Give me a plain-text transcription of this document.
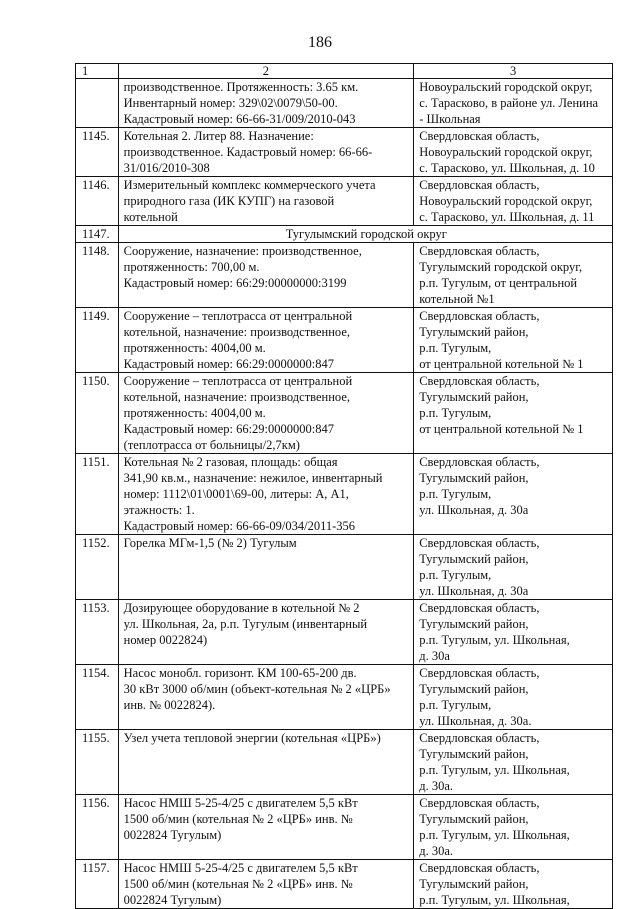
186
1	2	3
	производственное. Протяженность: 3.65 км.
Инвентарный номер: 329\02\0079\50-00.
Кадастровый номер: 66-66-31/009/2010-043	Новоуральский городской округ,
с. Тарасково, в районе ул. Ленина
- Школьная
1145.	Котельная 2. Литер 88. Назначение:
производственное. Кадастровый номер: 66-66-
31/016/2010-308	Свердловская область,
Новоуральский городской округ,
с. Тарасково, ул. Школьная, д. 10
1146.	Измерительный комплекс коммерческого учета
природного газа (ИК КУПГ) на газовой
котельной	Свердловская область,
Новоуральский городской округ,
с. Тарасково, ул. Школьная, д. 11
1147.	Тугулымский городской округ	
1148.	Сооружение, назначение: производственное,
протяженность: 700,00 м.
Кадастровый номер: 66:29:00000000:3199	Свердловская область,
Тугулымский городской округ,
р.п. Тугулым, от центральной
котельной №1
1149.	Сооружение – теплотрасса от центральной
котельной, назначение: производственное,
протяженность: 4004,00 м.
Кадастровый номер: 66:29:0000000:847	Свердловская область,
Тугулымский район,
р.п. Тугулым,
от центральной котельной № 1
1150.	Сооружение – теплотрасса от центральной
котельной, назначение: производственное,
протяженность: 4004,00 м.
Кадастровый номер: 66:29:0000000:847
(теплотрасса от больницы/2,7км)	Свердловская область,
Тугулымский район,
р.п. Тугулым,
от центральной котельной № 1
1151.	Котельная № 2 газовая, площадь: общая
341,90 кв.м., назначение: нежилое, инвентарный
номер: 1112\01\0001\69-00, литеры: А, А1,
этажность: 1.
Кадастровый номер: 66-66-09/034/2011-356	Свердловская область,
Тугулымский район,
р.п. Тугулым,
ул. Школьная, д. 30а
1152.	Горелка МГм-1,5 (№ 2) Тугулым	Свердловская область,
Тугулымский район,
р.п. Тугулым,
ул. Школьная, д. 30а
1153.	Дозирующее оборудование в котельной № 2
ул. Школьная, 2а, р.п. Тугулым (инвентарный
номер 0022824)	Свердловская область,
Тугулымский район,
р.п. Тугулым, ул. Школьная,
д. 30а
1154.	Насос монобл. горизонт. КМ 100-65-200 дв.
30 кВт 3000 об/мин (объект-котельная № 2 «ЦРБ»
инв. № 0022824).	Свердловская область,
Тугулымский район,
р.п. Тугулым,
ул. Школьная, д. 30а.
1155.	Узел учета тепловой энергии (котельная «ЦРБ»)	Свердловская область,
Тугулымский район,
р.п. Тугулым, ул. Школьная,
д. 30а.
1156.	Насос НМШ 5-25-4/25 с двигателем 5,5 кВт
1500 об/мин (котельная № 2 «ЦРБ» инв. №
0022824 Тугулым)	Свердловская область,
Тугулымский район,
р.п. Тугулым, ул. Школьная,
д. 30а.
1157.	Насос НМШ 5-25-4/25 с двигателем 5,5 кВт
1500 об/мин (котельная № 2 «ЦРБ» инв. №
0022824 Тугулым)	Свердловская область,
Тугулымский район,
р.п. Тугулым, ул. Школьная,
